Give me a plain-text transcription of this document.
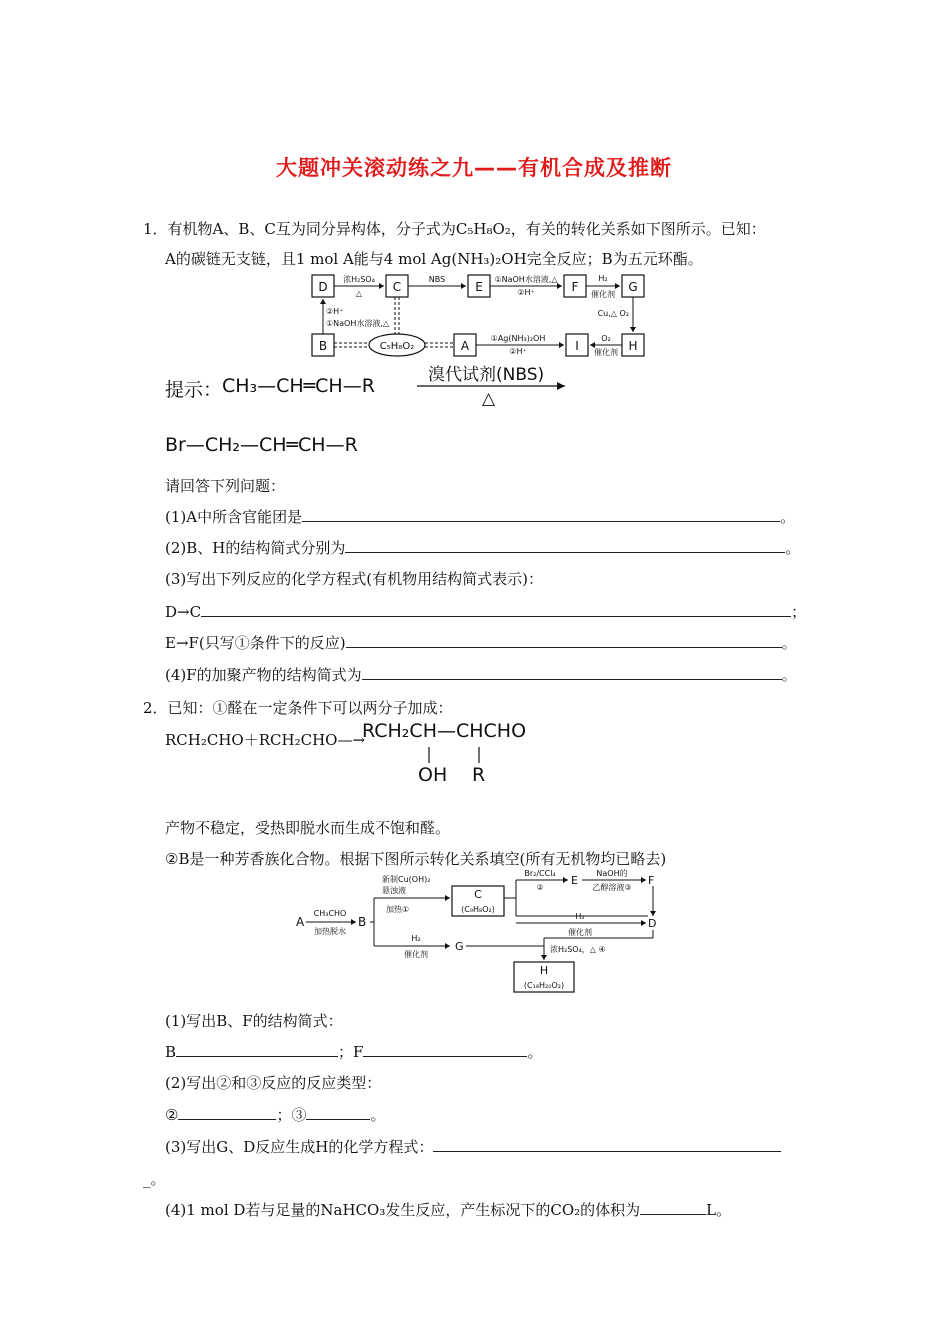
大题冲关滚动练之九——有机合成及推断
1．有机物A、B、C互为同分异构体，分子式为C₅H₈O₂，有关的转化关系如下图所示。已知：
A的碳链无支链，且1 mol A能与4 mol Ag(NH₃)₂OH完全反应；B为五元环酯。
D	C	E	F	G
浓H₂SO₄
△
NBS	①NaOH水溶液,△
②H⁺
H₂
催化剂
B	C₅H₈O₂	A	I	H
②H⁺
①NaOH水溶液,△
①Ag(NH₃)₂OH
②H⁺
O₂
催化剂
Cu,△ O₂
提示： CH₃—CH═CH—R	溴代试剂(NBS)
△
Br—CH₂—CH═CH—R
请回答下列问题：
(1)A中所含官能团是	。
(2)B、H的结构简式分别为	。
(3)写出下列反应的化学方程式(有机物用结构简式表示)：
D→C	；
E→F(只写①条件下的反应)	。
(4)F的加聚产物的结构简式为	。
2．已知：①醛在一定条件下可以两分子加成：
RCH₂CHO＋RCH₂CHO—→
RCH₂CH—CHCHO
OH R
产物不稳定，受热即脱水而生成不饱和醛。
②B是一种芳香族化合物。根据下图所示转化关系填空(所有无机物均已略去)
A
CH₃CHO
加热脱水
B
新制Cu(OH)₂
悬浊液
加热①
C
(C₉H₈O₂)
Br₂/CCl₄
②
E
NaOH的
乙醇溶液③
F
H₂
催化剂
D
H₂
催化剂
G	浓H₂SO₄，△ ④
H
(C₁₈H₂₀O₂)
(1)写出B、F的结构简式：
B	；F	。
(2)写出②和③反应的反应类型：
②	；③	。
(3)写出G、D反应生成H的化学方程式：
_。
(4)1 mol D若与足量的NaHCO₃发生反应，产生标况下的CO₂的体积为	L。
